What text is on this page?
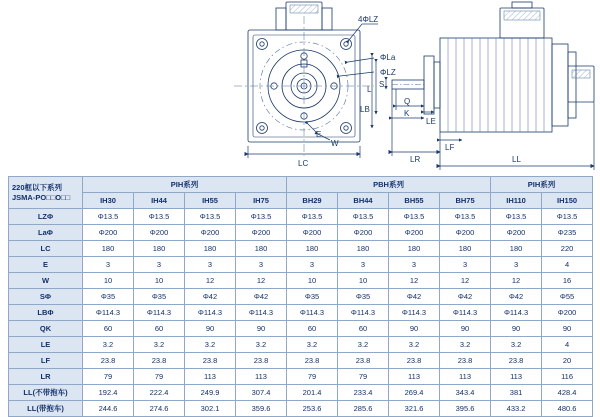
4ΦLZ
ΦLa
ΦLZ
E
W
LC
S
Q
K
L
LB
LE
LF
LR	LL
220框以下系列
JSMA-PΟ□□Ο□□	PIH系列				PBH系列				PIH系列	
	IH30	IH44	IH55	IH75	BH29	BH44	BH55	BH75	IH110	IH150
LZΦ	Φ13.5	Φ13.5	Φ13.5	Φ13.5	Φ13.5	Φ13.5	Φ13.5	Φ13.5	Φ13.5	Φ13.5
LaΦ	Φ200	Φ200	Φ200	Φ200	Φ200	Φ200	Φ200	Φ200	Φ200	Φ235
LC	180	180	180	180	180	180	180	180	180	220
E	3	3	3	3	3	3	3	3	3	4
W	10	10	12	12	10	10	12	12	12	16
SΦ	Φ35	Φ35	Φ42	Φ42	Φ35	Φ35	Φ42	Φ42	Φ42	Φ55
LBΦ	Φ114.3	Φ114.3	Φ114.3	Φ114.3	Φ114.3	Φ114.3	Φ114.3	Φ114.3	Φ114.3	Φ200
QK	60	60	90	90	60	60	90	90	90	90
LE	3.2	3.2	3.2	3.2	3.2	3.2	3.2	3.2	3.2	4
LF	23.8	23.8	23.8	23.8	23.8	23.8	23.8	23.8	23.8	20
LR	79	79	113	113	79	79	113	113	113	116
LL(不带抱车)	192.4	222.4	249.9	307.4	201.4	233.4	269.4	343.4	381	428.4
LL(带抱车)	244.6	274.6	302.1	359.6	253.6	285.6	321.6	395.6	433.2	480.6
